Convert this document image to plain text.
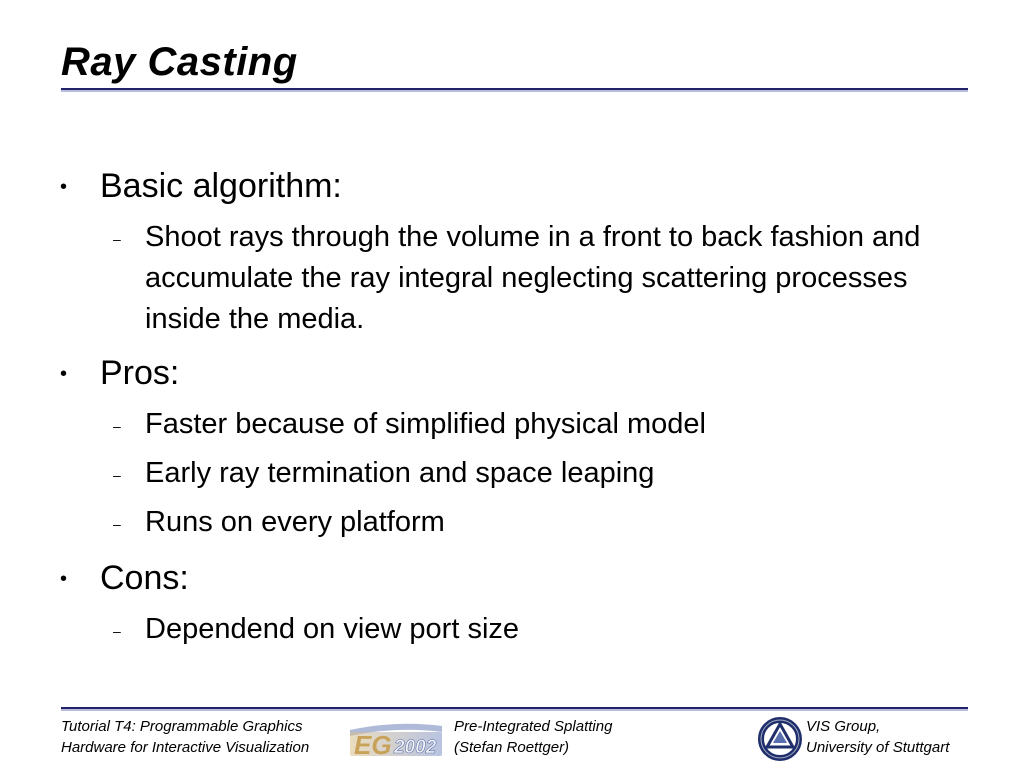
Ray Casting
• Basic algorithm:
– Shoot rays through the volume in a front to back fashion and accumulate the ray integral neglecting scattering processes inside the media.
• Pros:
– Faster because of simplified physical model
– Early ray termination and space leaping
– Runs on every platform
• Cons:
– Dependend on view port size
Tutorial T4: Programmable Graphics
Hardware for Interactive Visualization EG 2002
Pre-Integrated Splatting
(Stefan Roettger)
VIS Group,
University of Stuttgart
